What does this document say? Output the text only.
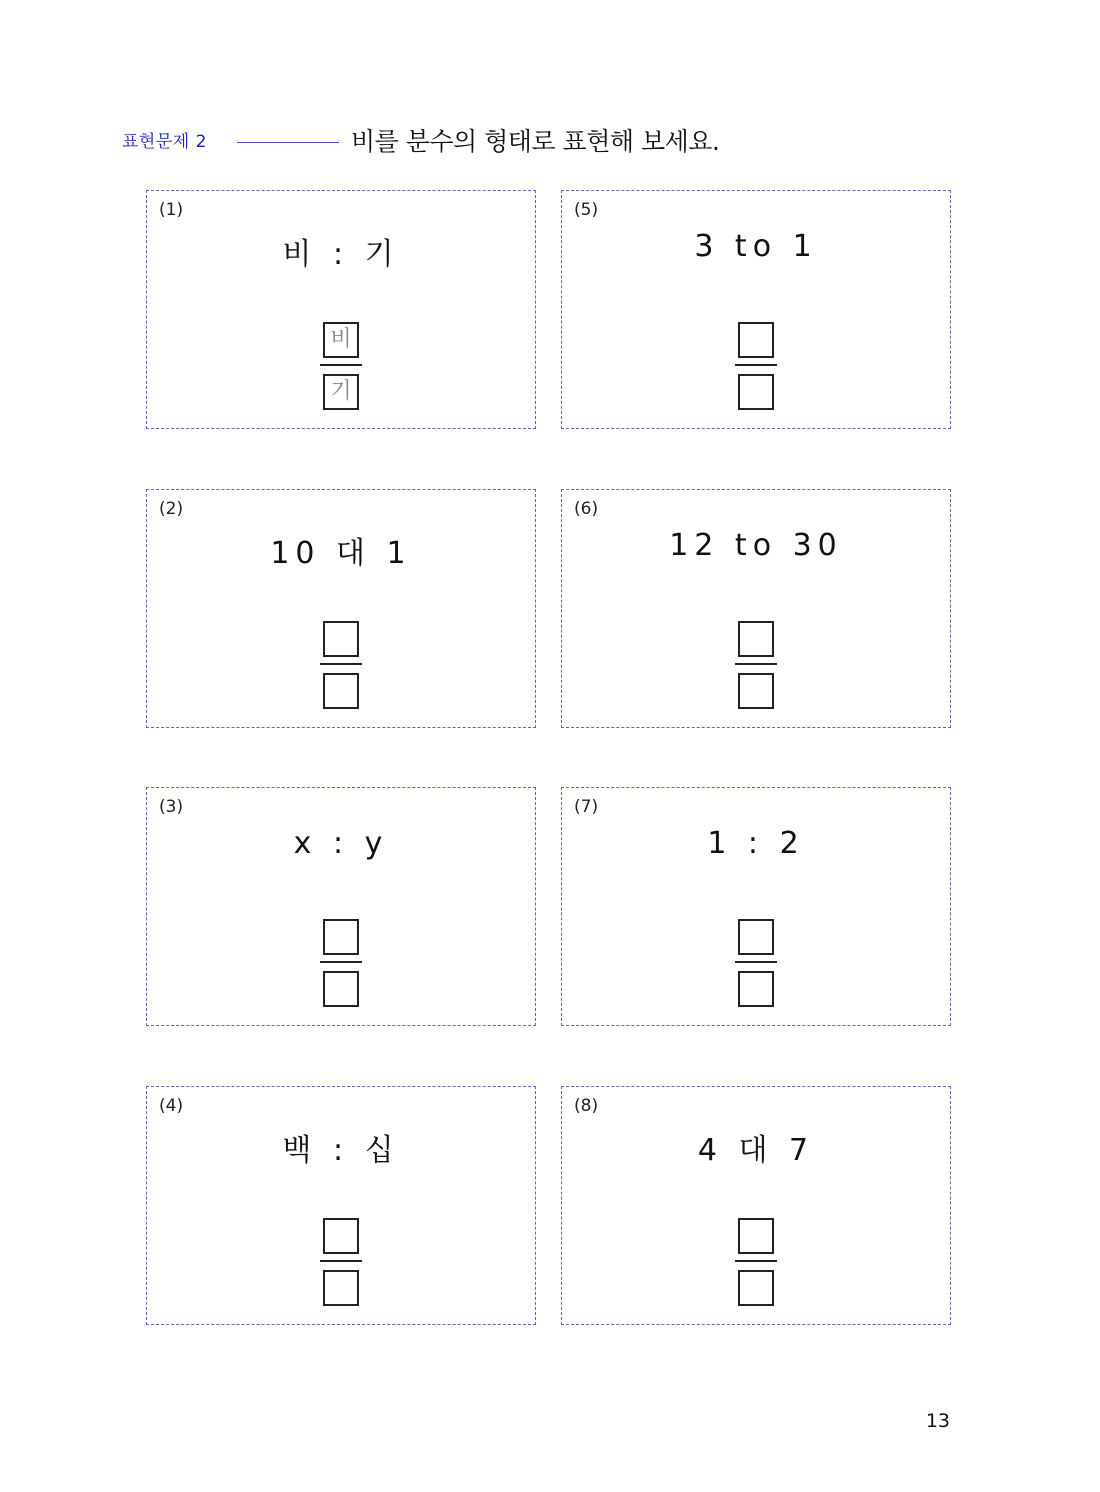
표현문제 2	비를 분수의 형태로 표현해 보세요.
(1)
비 : 기
비
기
(2)
10 대 1
(3)
x : y
(4)
백 : 십
(5)
3 to 1
(6)
12 to 30
(7)
1 : 2
(8)
4 대 7
13
